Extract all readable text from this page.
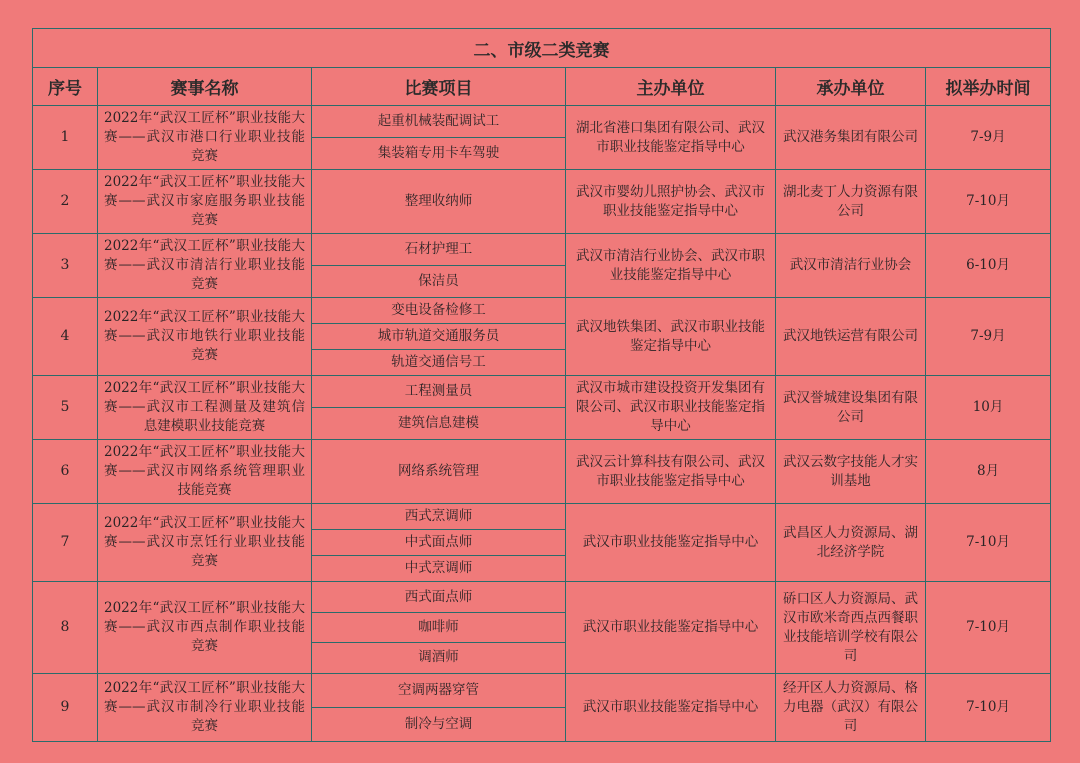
二、市级二类竞赛					
序号	赛事名称	比赛项目	主办单位	承办单位	拟举办时间
1	2022年“武汉工匠杯”职业技能大赛——武汉市港口行业职业技能竞赛	起重机械装配调试工
集装箱专用卡车驾驶	湖北省港口集团有限公司、武汉市职业技能鉴定指导中心	武汉港务集团有限公司	7-9月
2	2022年“武汉工匠杯”职业技能大赛——武汉市家庭服务职业技能竞赛	整理收纳师	武汉市婴幼儿照护协会、武汉市职业技能鉴定指导中心	湖北麦丁人力资源有限公司	7-10月
3	2022年“武汉工匠杯”职业技能大赛——武汉市清洁行业职业技能竞赛	石材护理工
保洁员	武汉市清洁行业协会、武汉市职业技能鉴定指导中心	武汉市清洁行业协会	6-10月
4	2022年“武汉工匠杯”职业技能大赛——武汉市地铁行业职业技能竞赛	变电设备检修工
城市轨道交通服务员
轨道交通信号工	武汉地铁集团、武汉市职业技能鉴定指导中心	武汉地铁运营有限公司	7-9月
5	2022年“武汉工匠杯”职业技能大赛——武汉市工程测量及建筑信息建模职业技能竞赛	工程测量员
建筑信息建模	武汉市城市建设投资开发集团有限公司、武汉市职业技能鉴定指导中心	武汉誉城建设集团有限公司	10月
6	2022年“武汉工匠杯”职业技能大赛——武汉市网络系统管理职业技能竞赛	网络系统管理	武汉云计算科技有限公司、武汉市职业技能鉴定指导中心	武汉云数字技能人才实训基地	8月
7	2022年“武汉工匠杯”职业技能大赛——武汉市烹饪行业职业技能竞赛	西式烹调师
中式面点师
中式烹调师	武汉市职业技能鉴定指导中心	武昌区人力资源局、湖北经济学院	7-10月
8	2022年“武汉工匠杯”职业技能大赛——武汉市西点制作职业技能竞赛	西式面点师
咖啡师
调酒师	武汉市职业技能鉴定指导中心	硚口区人力资源局、武汉市欧米奇西点西餐职业技能培训学校有限公司	7-10月
9	2022年“武汉工匠杯”职业技能大赛——武汉市制冷行业职业技能竞赛	空调两器穿管
制冷与空调	武汉市职业技能鉴定指导中心	经开区人力资源局、格力电器（武汉）有限公司	7-10月
